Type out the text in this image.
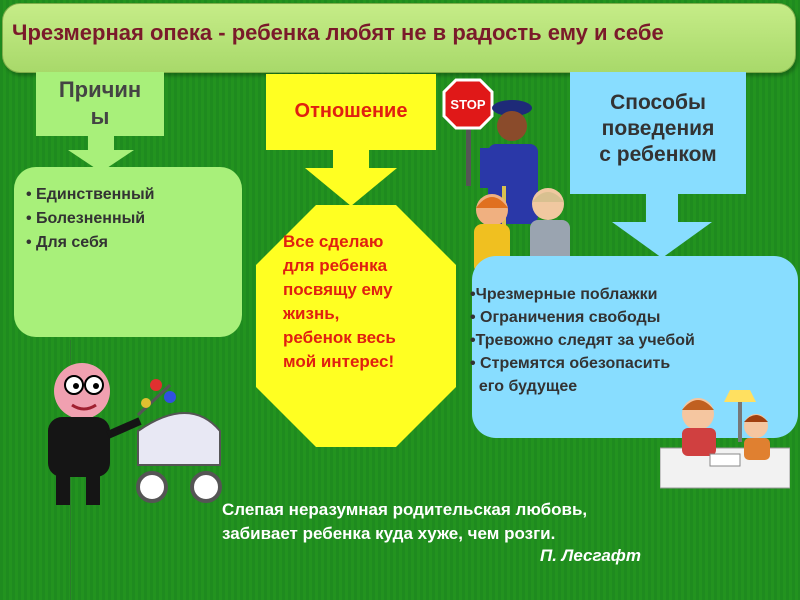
Чрезмерная опека - ребенка любят не в радость ему и себе
Причин
ы
• Единственный
• Болезненный
• Для себя
Отношение
Все сделаю
для ребенка
посвящу ему
жизнь,
ребенок весь
мой интерес!
STOP	Способы
поведения
с ребенком
•Чрезмерные поблажки
• Ограничения свободы
•Тревожно следят за учебой
• Стремятся обезопасить
его будущее
Слепая неразумная родительская любовь,
забивает ребенка куда хуже, чем розги.
П. Лесгафт
